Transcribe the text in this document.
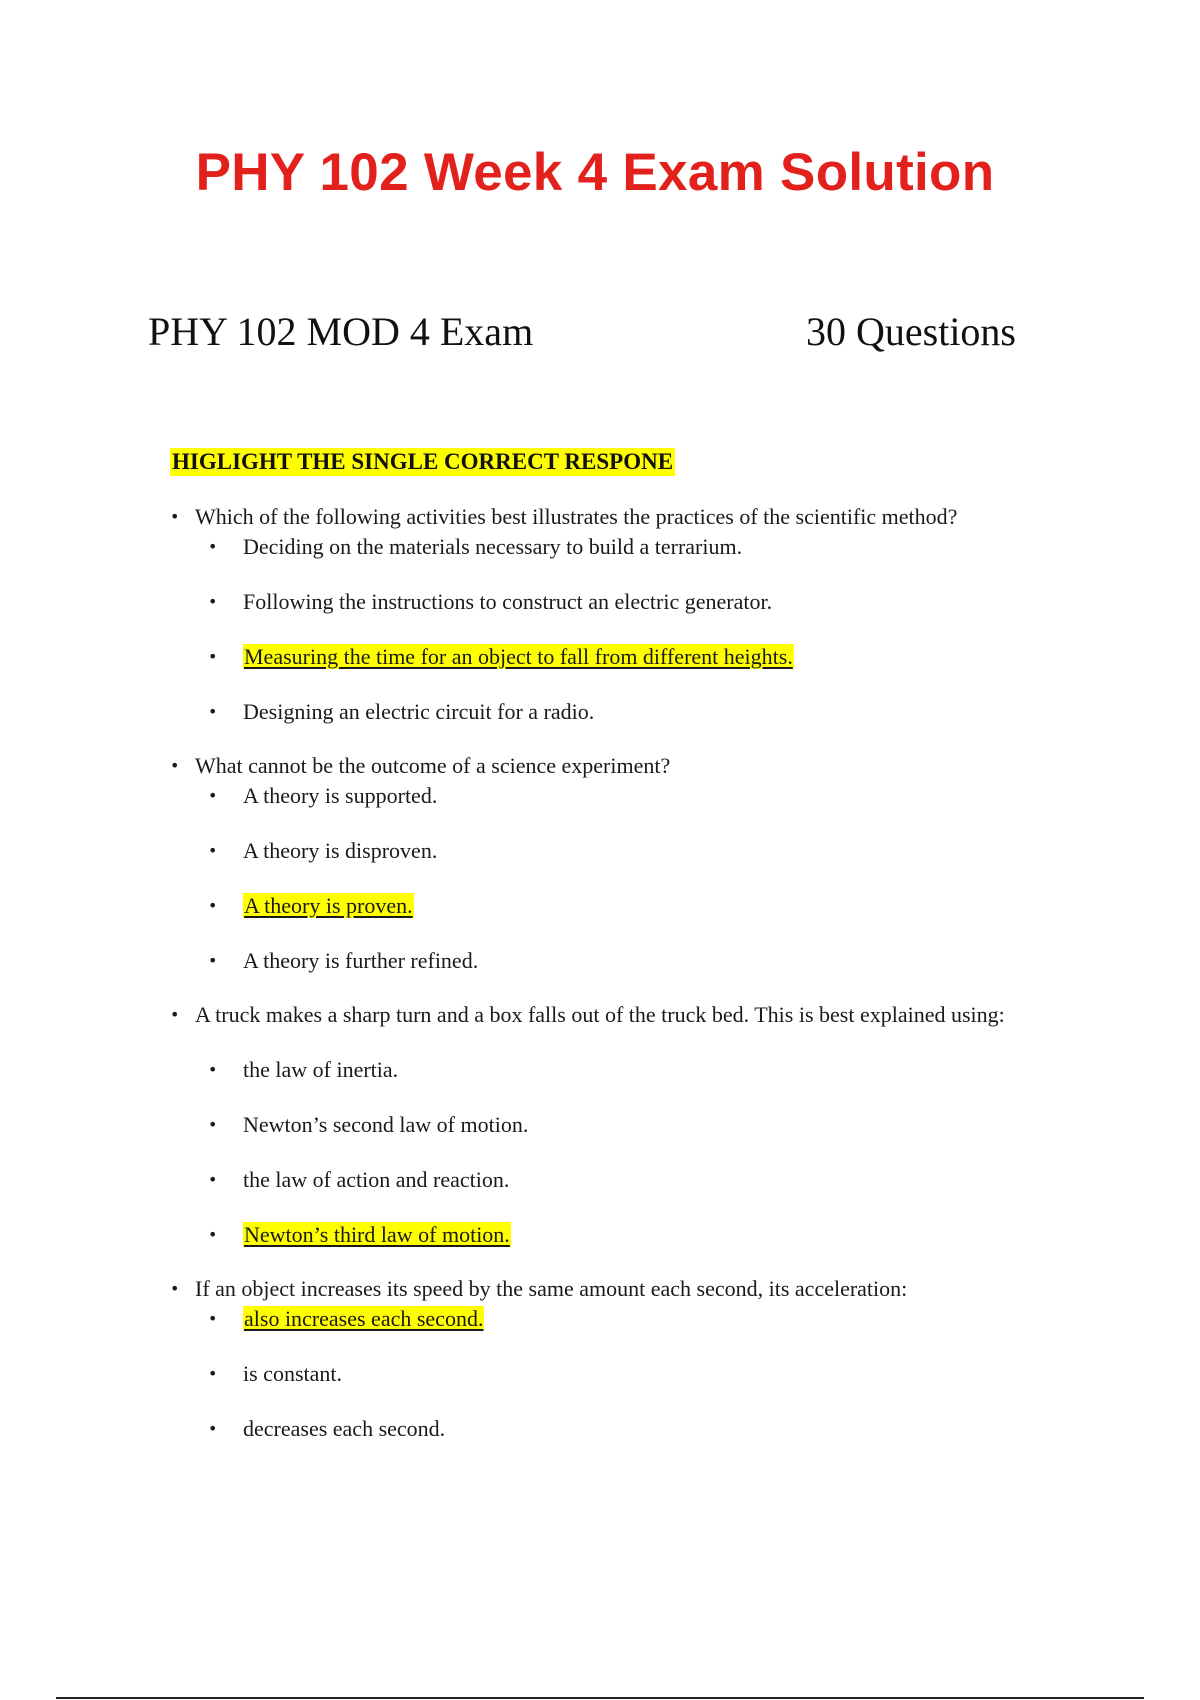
PHY 102 Week 4 Exam Solution
PHY 102 MOD 4 Exam	30 Questions
HIGLIGHT THE SINGLE CORRECT RESPONE
• Which of the following activities best illustrates the practices of the scientific method?
• Deciding on the materials necessary to build a terrarium.
• Following the instructions to construct an electric generator.
• Measuring the time for an object to fall from different heights.
• Designing an electric circuit for a radio.
• What cannot be the outcome of a science experiment?
• A theory is supported.
• A theory is disproven.
• A theory is proven.
• A theory is further refined.
• A truck makes a sharp turn and a box falls out of the truck bed. This is best explained using:
• the law of inertia.
• Newton’s second law of motion.
• the law of action and reaction.
• Newton’s third law of motion.
• If an object increases its speed by the same amount each second, its acceleration:
• also increases each second.
• is constant.
• decreases each second.
